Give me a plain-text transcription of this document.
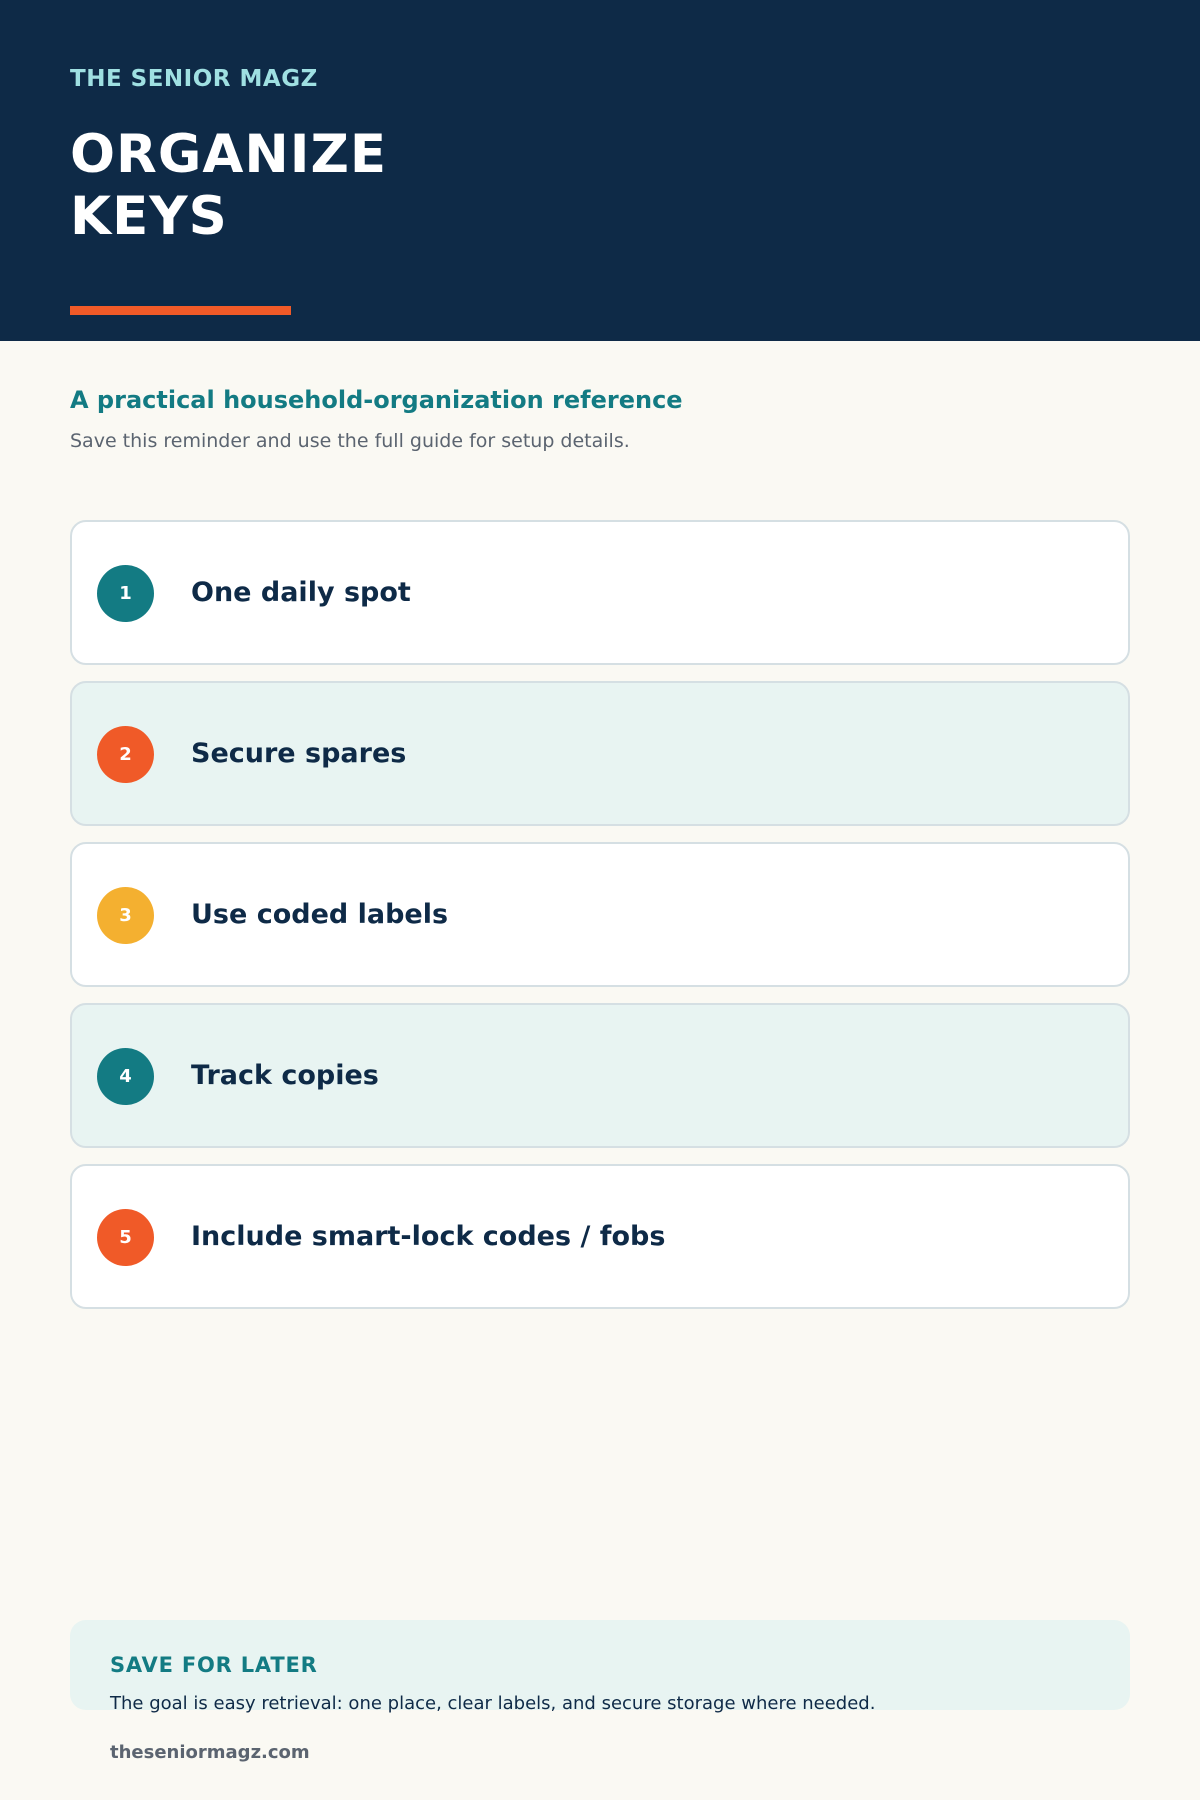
THE SENIOR MAGZ
ORGANIZE
KEYS
A practical household-organization reference
Save this reminder and use the full guide for setup details.
1	One daily spot
2	Secure spares
3	Use coded labels
4	Track copies
5	Include smart-lock codes / fobs
SAVE FOR LATER
The goal is easy retrieval: one place, clear labels, and secure storage where needed.
theseniormagz.com
